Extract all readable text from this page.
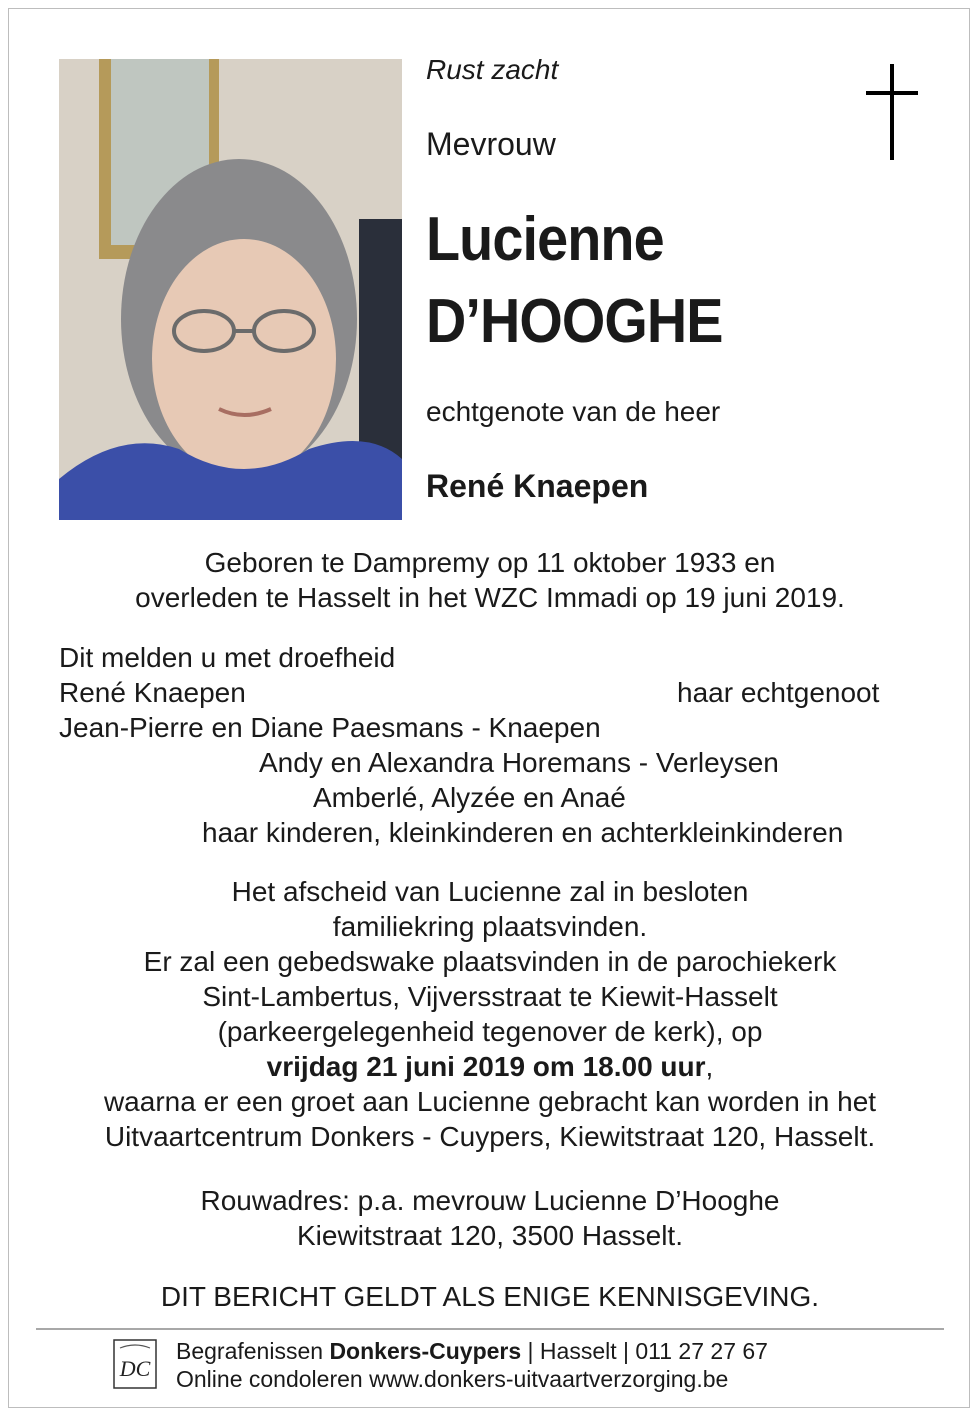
Rust zacht
Mevrouw
Lucienne
D’HOOGHE
echtgenote van de heer
René Knaepen
Geboren te Dampremy op 11 oktober 1933 en
overleden te Hasselt in het WZC Immadi op 19 juni 2019.
Dit melden u met droefheid
René Knaepen	haar echtgenoot
Jean-Pierre en Diane Paesmans - Knaepen
Andy en Alexandra Horemans - Verleysen
Amberlé, Alyzée en Anaé
haar kinderen, kleinkinderen en achterkleinkinderen
Het afscheid van Lucienne zal in besloten
familiekring plaatsvinden.
Er zal een gebedswake plaatsvinden in de parochiekerk
Sint-Lambertus, Vijversstraat te Kiewit-Hasselt
(parkeergelegenheid tegenover de kerk), op
vrijdag 21 juni 2019 om 18.00 uur,
waarna er een groet aan Lucienne gebracht kan worden in het
Uitvaartcentrum Donkers - Cuypers, Kiewitstraat 120, Hasselt.
Rouwadres: p.a. mevrouw Lucienne D’Hooghe
Kiewitstraat 120, 3500 Hasselt.
DIT BERICHT GELDT ALS ENIGE KENNISGEVING.
DC
Begrafenissen Donkers-Cuypers | Hasselt | 011 27 27 67
Online condoleren www.donkers-uitvaartverzorging.be
